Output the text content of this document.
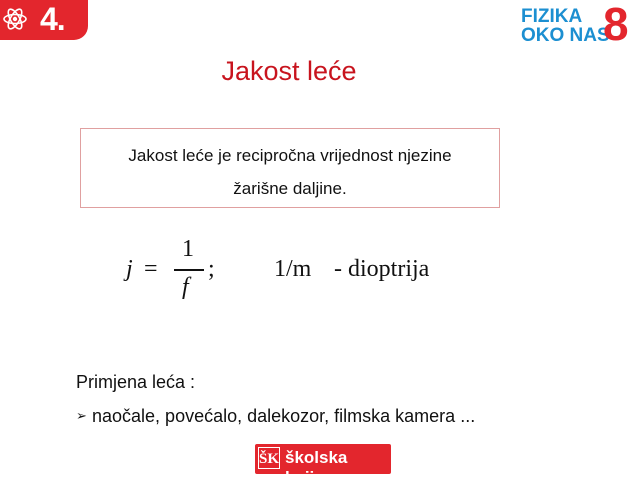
4.	FIZIKA
OKO NAS
8
Jakost leće
Jakost leće je recipročna vrijednost njezine
žarišne daljine.
j =
1
f
; 1/m - dioptrija
Primjena leća :
➢ naočale, povećalo, dalekozor, filmska kamera ...
ŠK školska knjiga
